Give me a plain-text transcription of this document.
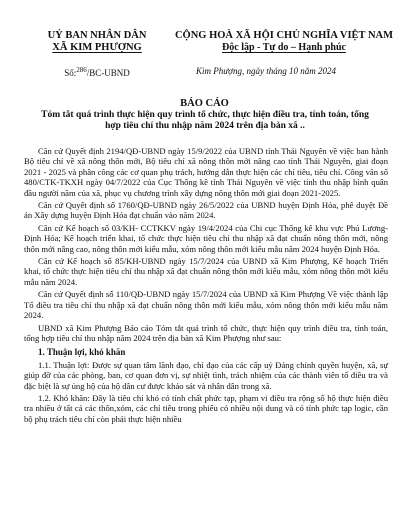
UỶ BAN NHÂN DÂN
XÃ KIM PHƯỢNG
Số:$^{286}$/BC-UBND
CỘNG HOÀ XÃ HỘI CHỦ NGHĨA VIỆT NAM
Độc lập - Tự do – Hạnh phúc
Kim Phượng, ngày tháng 10 năm 2024
BÁO CÁO
Tóm tắt quá trình thực hiện quy trình tổ chức, thực hiện điều tra, tính toán, tổng hợp tiêu chí thu nhập năm 2024 trên địa bàn xã ..

Căn cứ Quyết định 2194/QĐ-UBND ngày 15/9/2022 của UBND tỉnh Thái Nguyên về việc ban hành Bộ tiêu chí về xã nông thôn mới, Bộ tiêu chí xã nông thôn mới nâng cao tỉnh Thái Nguyên, giai đoạn 2021 - 2025 và phân công các cơ quan phụ trách, hướng dẫn thực hiện các chỉ tiêu, tiêu chí. Công văn số 480/CTK-TKXH ngày 04/7/2022 của Cục Thống kê tỉnh Thái Nguyên về việc tính thu nhập bình quân đầu người năm của xã, phục vụ chương trình xây dựng nông thôn mới giai đoạn 2021-2025.

Căn cứ Quyết định số 1760/QĐ-UBND ngày 26/5/2022 của UBND huyện Định Hóa, phê duyệt Đề án Xây dựng huyện Định Hóa đạt chuẩn vào năm 2024.

Căn cứ Kế hoạch số 03/KH- CCTKKV ngày 19/4/2024 của Chi cục Thống kê khu vực Phú Lương- Định Hóa; Kế hoạch triển khai, tổ chức thực hiện tiêu chí thu nhập xã đạt chuẩn nông thôn mới, nông thôn mới nâng cao, nông thôn mới kiểu mẫu, xóm nông thôn mới kiểu mẫu năm 2024 huyện Định Hóa.

Căn cứ Kế hoạch số 85/KH-UBND ngày 15/7/2024 của UBND xã Kim Phượng, Kế hoạch Triển khai, tổ chức thực hiện tiêu chí thu nhập xã đạt chuẩn nông thôn mới kiểu mẫu, xóm nông thôn mới kiểu mẫu năm 2024.

Căn cứ Quyết định số 110/QĐ-UBND ngày 15/7/2024 của UBND xã Kim Phượng Về việc thành lập Tổ điều tra tiêu chí thu nhập xã đạt chuẩn nông thôn mới kiểu mẫu, xóm nông thôn mới kiểu mẫu năm 2024.

UBND xã Kim Phượng Báo cáo Tóm tắt quá trình tổ chức, thực hiện quy trình điều tra, tính toán, tổng hợp tiêu chí thu nhập năm 2024 trên địa bàn xã Kim Phượng như sau:

1. Thuận lợi, khó khăn

1.1. Thuận lợi: Được sự quan tâm lãnh đạo, chỉ đạo của các cấp uỷ Đảng chính quyền huyện, xã, sự giúp đỡ của các phòng, ban, cơ quan đơn vị, sự nhiệt tình, trách nhiệm của các thành viên tổ điều tra và đặc biệt là sự ủng hộ của hộ dân cư được khảo sát và nhân dân trong xã.

1.2. Khó khăn: Đây là tiêu chí khó có tính chất phức tạp, phạm vi điều tra rộng số hộ thực hiện điều tra nhiều ở tất cả các thôn,xóm, các chỉ tiêu trong phiếu có nhiều nội dung và có tính phức tạp logic, cần bộ phụ trách tiêu chí còn phải thực hiện nhiều
